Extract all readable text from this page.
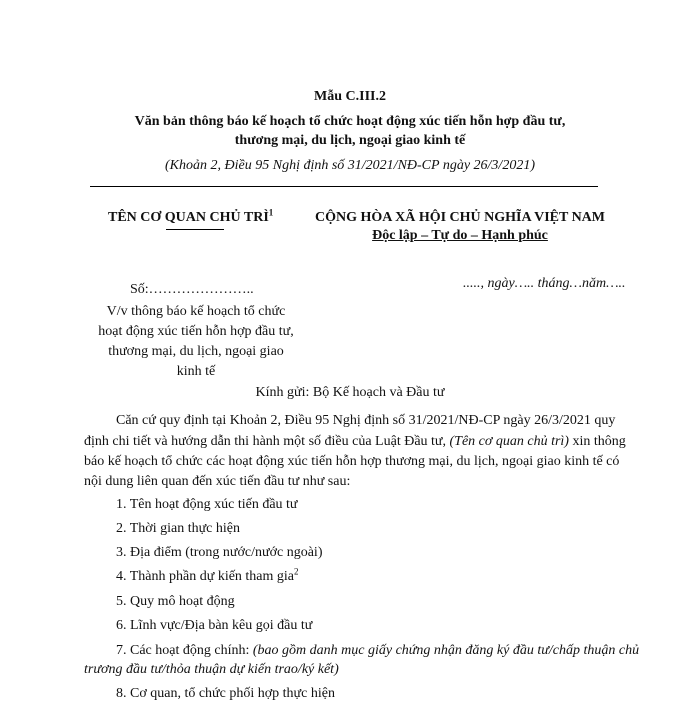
Mẫu C.III.2
Văn bản thông báo kế hoạch tổ chức hoạt động xúc tiến hỗn hợp đầu tư,
thương mại, du lịch, ngoại giao kinh tế
(Khoản 2, Điều 95 Nghị định số 31/2021/NĐ-CP ngày 26/3/2021)
TÊN CƠ QUAN CHỦ TRÌ$^1$	CỘNG HÒA XÃ HỘI CHỦ NGHĨA VIỆT NAM
Độc lập – Tự do – Hạnh phúc
Số:…………………..	....., ngày….. tháng…năm…..
V/v thông báo kế hoạch tổ chức
hoạt động xúc tiến hỗn hợp đầu tư,
thương mại, du lịch, ngoại giao
kinh tế
Kính gửi: Bộ Kế hoạch và Đầu tư
Căn cứ quy định tại Khoản 2, Điều 95 Nghị định số 31/2021/NĐ-CP ngày 26/3/2021 quy
định chi tiết và hướng dẫn thi hành một số điều của Luật Đầu tư, (Tên cơ quan chủ trì) xin thông
báo kế hoạch tổ chức các hoạt động xúc tiến hỗn hợp thương mại, du lịch, ngoại giao kinh tế có
nội dung liên quan đến xúc tiến đầu tư như sau:
1. Tên hoạt động xúc tiến đầu tư
2. Thời gian thực hiện
3. Địa điểm (trong nước/nước ngoài)
4. Thành phần dự kiến tham gia$^2$
5. Quy mô hoạt động
6. Lĩnh vực/Địa bàn kêu gọi đầu tư
7. Các hoạt động chính: (bao gồm danh mục giấy chứng nhận đăng ký đầu tư/chấp thuận chủ
trương đầu tư/thỏa thuận dự kiến trao/ký kết)
8. Cơ quan, tổ chức phối hợp thực hiện
